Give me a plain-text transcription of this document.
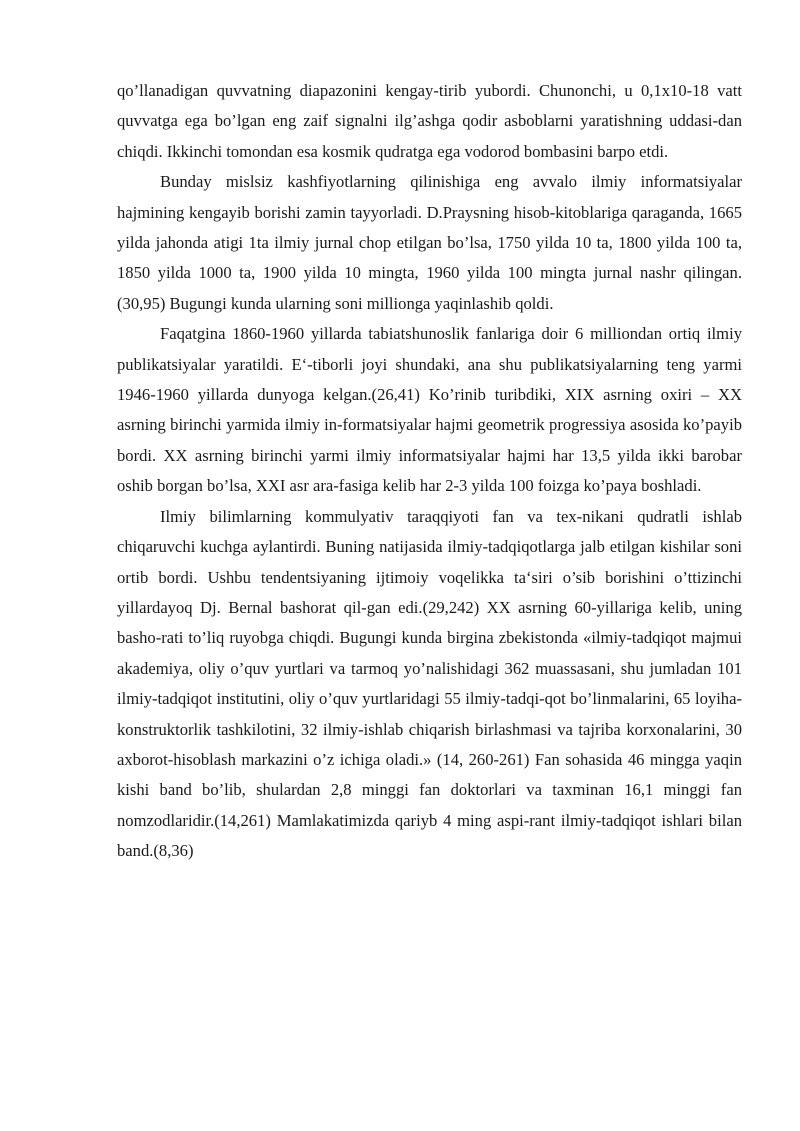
qo’llanadigan quvvatning diapazonini kengay-tirib yubordi. Chunonchi, u 0,1x10-18 vatt quvvatga ega bo’lgan eng zaif signalni ilg’ashga qodir asboblarni yaratishning uddasi-dan chiqdi. Ikkinchi tomondan esa kosmik qudratga ega vodorod bombasini barpo etdi.

Bunday mislsiz kashfiyotlarning qilinishiga eng avvalo ilmiy informatsiyalar hajmining kengayib borishi zamin tayyorladi. D.Praysning hisob-kitoblariga qaraganda, 1665 yilda jahonda atigi 1ta ilmiy jurnal chop etilgan bo’lsa, 1750 yilda 10 ta, 1800 yilda 100 ta, 1850 yilda 1000 ta, 1900 yilda 10 mingta, 1960 yilda 100 mingta jurnal nashr qilingan.(30,95) Bugungi kunda ularning soni millionga yaqinlashib qoldi.

Faqatgina 1860-1960 yillarda tabiatshunoslik fanlariga doir 6 milliondan ortiq ilmiy publikatsiyalar yaratildi. E‘-tiborli joyi shundaki, ana shu publikatsiyalarning teng yarmi 1946-1960 yillarda dunyoga kelgan.(26,41) Ko’rinib turibdiki, XIX asrning oxiri – XX asrning birinchi yarmida ilmiy in-formatsiyalar hajmi geometrik progressiya asosida ko’payib bordi. XX asrning birinchi yarmi ilmiy informatsiyalar hajmi har 13,5 yilda ikki barobar oshib borgan bo’lsa, XXI asr ara-fasiga kelib har 2-3 yilda 100 foizga ko’paya boshladi.

Ilmiy bilimlarning kommulyativ taraqqiyoti fan va tex-nikani qudratli ishlab chiqaruvchi kuchga aylantirdi. Buning natijasida ilmiy-tadqiqotlarga jalb etilgan kishilar soni ortib bordi. Ushbu tendentsiyaning ijtimoiy voqelikka ta‘siri o’sib borishini o’ttizinchi yillardayoq Dj. Bernal bashorat qil-gan edi.(29,242) XX asrning 60-yillariga kelib, uning basho-rati to’liq ruyobga chiqdi. Bugungi kunda birgina zbekistonda «ilmiy-tadqiqot majmui akademiya, oliy o’quv yurtlari va tarmoq yo’nalishidagi 362 muassasani, shu jumladan 101 ilmiy-tadqiqot institutini, oliy o’quv yurtlaridagi 55 ilmiy-tadqi-qot bo’linmalarini, 65 loyiha-konstruktorlik tashkilotini, 32 ilmiy-ishlab chiqarish birlashmasi va tajriba korxonalarini, 30 axborot-hisoblash markazini o’z ichiga oladi.» (14, 260-261) Fan sohasida 46 mingga yaqin kishi band bo’lib, shulardan 2,8 minggi fan doktorlari va taxminan 16,1 minggi fan nomzodlaridir.(14,261) Mamlakatimizda qariyb 4 ming aspi-rant ilmiy-tadqiqot ishlari bilan band.(8,36)
